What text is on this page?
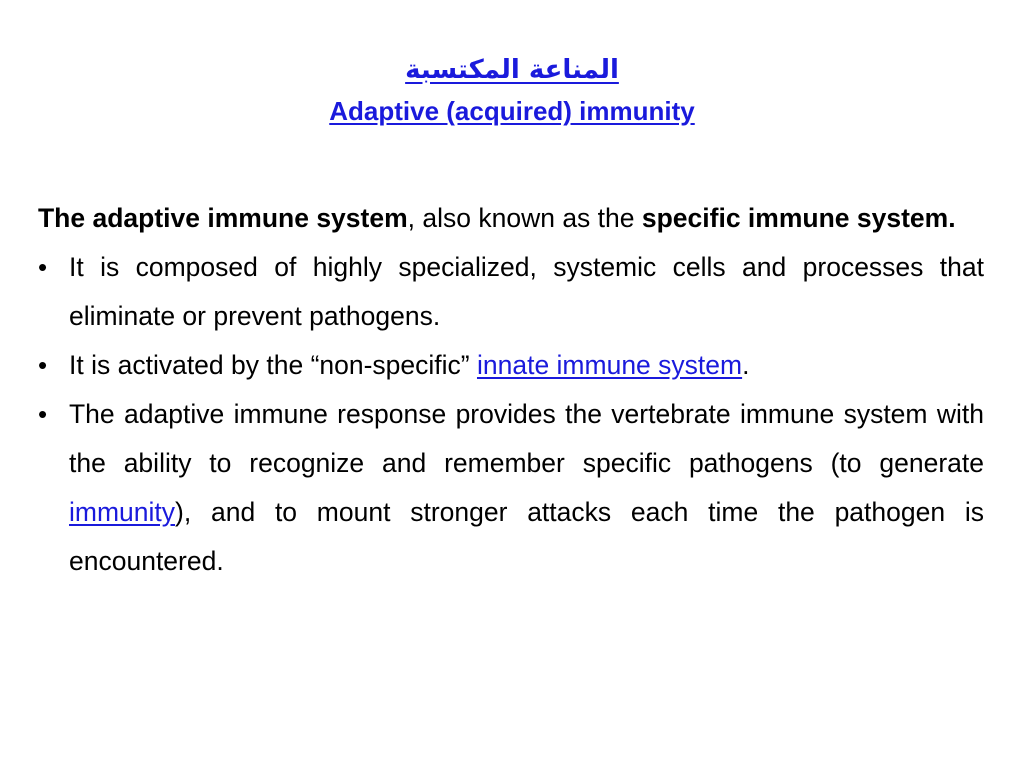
المناعة المكتسبة
Adaptive (acquired) immunity

The adaptive immune system, also known as the specific immune system.

• It is composed of highly specialized, systemic cells and processes that eliminate or prevent pathogens.
• It is activated by the “non-specific” innate immune system.
• The adaptive immune response provides the vertebrate immune system with the ability to recognize and remember specific pathogens (to generate immunity), and to mount stronger attacks each time the pathogen is encountered.
